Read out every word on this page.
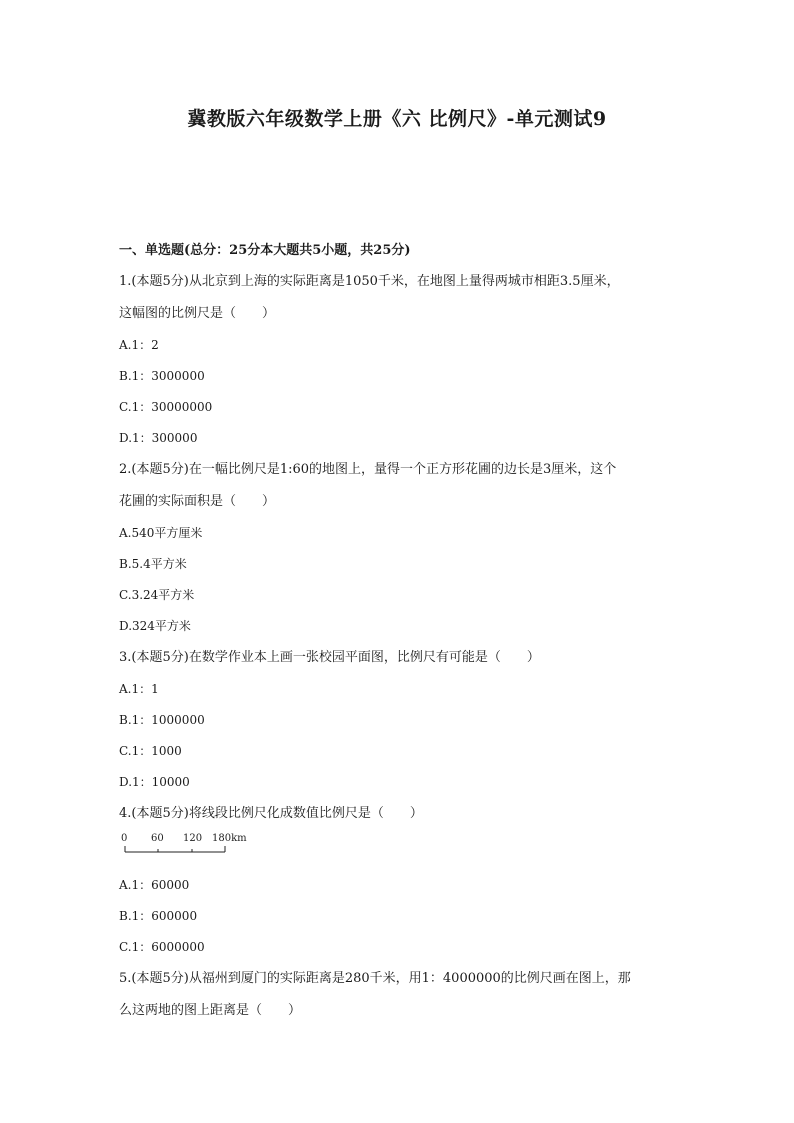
冀教版六年级数学上册《六 比例尺》-单元测试9

一、单选题(总分：25分本大题共5小题，共25分)

1.(本题5分)从北京到上海的实际距离是1050千米，在地图上量得两城市相距3.5厘米，

这幅图的比例尺是（　　）

A.1：2

B.1：3000000

C.1：30000000

D.1：300000

2.(本题5分)在一幅比例尺是1:60的地图上，量得一个正方形花圃的边长是3厘米，这个

花圃的实际面积是（　　）

A.540平方厘米

B.5.4平方米

C.3.24平方米

D.324平方米

3.(本题5分)在数学作业本上画一张校园平面图，比例尺有可能是（　　）

A.1：1

B.1：1000000

C.1：1000

D.1：10000

4.(本题5分)将线段比例尺化成数值比例尺是（　　）

0 60 120 180km

A.1：60000

B.1：600000

C.1：6000000

5.(本题5分)从福州到厦门的实际距离是280千米，用1：4000000的比例尺画在图上，那

么这两地的图上距离是（　　）
